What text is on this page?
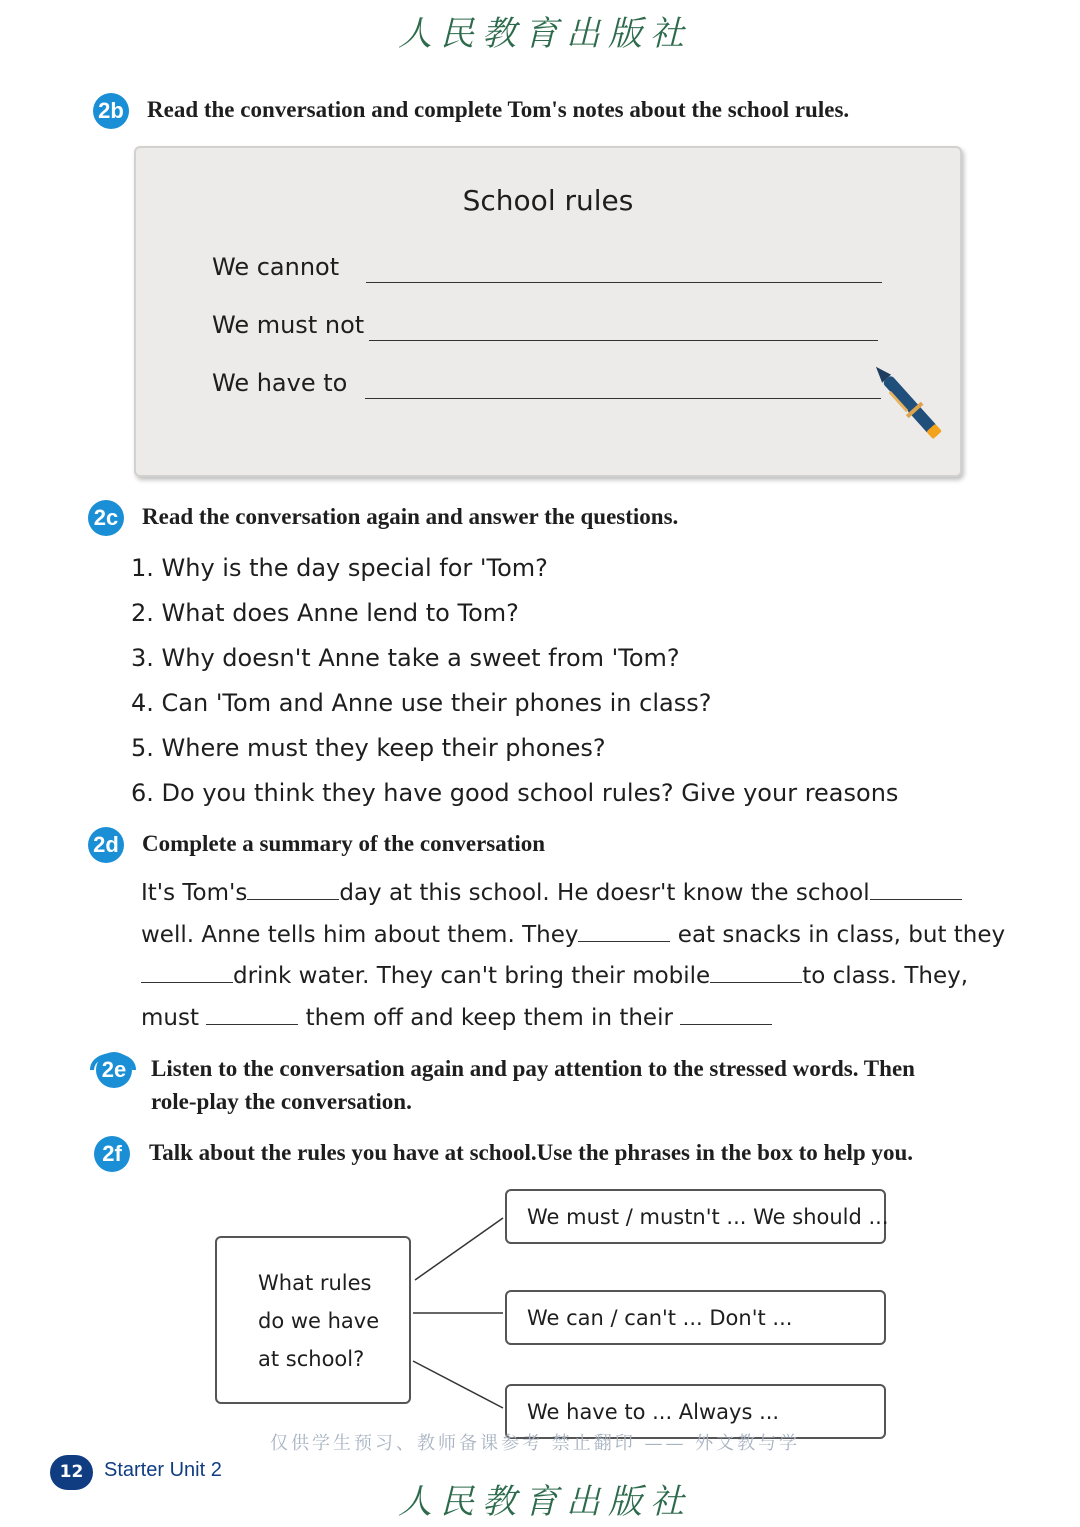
人民教育出版社
2b Read the conversation and complete Tom's notes about the school rules.
School rules
We cannot
We must not
We have to
2c Read the conversation again and answer the questions.
1. Why is the day special for 'Tom?
2. What does Anne lend to Tom?
3. Why doesn't Anne take a sweet from 'Tom?
4. Can 'Tom and Anne use their phones in class?
5. Where must they keep their phones?
6. Do you think they have good school rules? Give your reasons
2d Complete a summary of the conversation
It's Tom's	day at this school. He doesr't know the school
well. Anne tells him about them. They	eat snacks in class, but they
drink water. They can't bring their mobile	to class. They,
must	them off and keep them in their
2e Listen to the conversation again and pay attention to the stressed words. Then
role-play the conversation.
2f	Talk about the rules you have at school.Use the phrases in the box to help you.
What rules
do we have
at school?
We must / mustn't ... We should ...
We can / can't ... Don't ...
We have to ... Always ...
仅供学生预习、教师备课参考 禁止翻印 —— 外文教与学
12	Starter Unit 2
人民教育出版社
